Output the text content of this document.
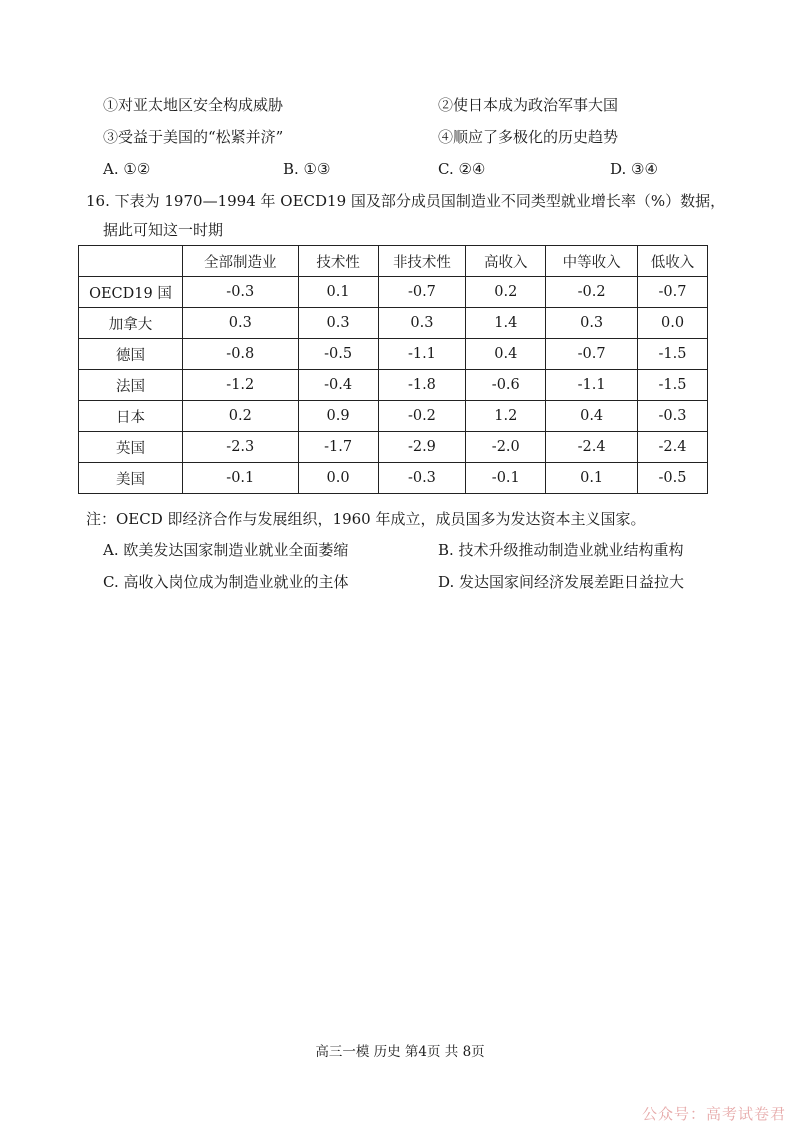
①对亚太地区安全构成威胁	②使日本成为政治军事大国
③受益于美国的“松紧并济”	④顺应了多极化的历史趋势
A. ①②	B. ①③	C. ②④	D. ③④
16. 下表为 1970—1994 年 OECD19 国及部分成员国制造业不同类型就业增长率（%）数据，
据此可知这一时期
	全部制造业	技术性	非技术性	高收入	中等收入	低收入
OECD19 国	-0.3	0.1	-0.7	0.2	-0.2	-0.7
加拿大	0.3	0.3	0.3	1.4	0.3	0.0
德国	-0.8	-0.5	-1.1	0.4	-0.7	-1.5
法国	-1.2	-0.4	-1.8	-0.6	-1.1	-1.5
日本	0.2	0.9	-0.2	1.2	0.4	-0.3
英国	-2.3	-1.7	-2.9	-2.0	-2.4	-2.4
美国	-0.1	0.0	-0.3	-0.1	0.1	-0.5
注：OECD 即经济合作与发展组织，1960 年成立，成员国多为发达资本主义国家。
A. 欧美发达国家制造业就业全面萎缩	B. 技术升级推动制造业就业结构重构
C. 高收入岗位成为制造业就业的主体	D. 发达国家间经济发展差距日益拉大
高三一模 历史 第4页 共 8页
公众号：高考试卷君
